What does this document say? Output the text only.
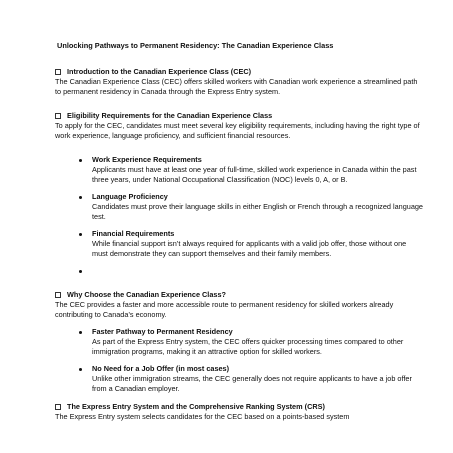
Unlocking Pathways to Permanent Residency: The Canadian Experience Class
Introduction to the Canadian Experience Class (CEC)

The Canadian Experience Class (CEC) offers skilled workers with Canadian work experience a streamlined path to permanent residency in Canada through the Express Entry system.

Eligibility Requirements for the Canadian Experience Class

To apply for the CEC, candidates must meet several key eligibility requirements, including having the right type of work experience, language proficiency, and sufficient financial resources.

Work Experience Requirements
Applicants must have at least one year of full-time, skilled work experience in Canada within the past three years, under National Occupational Classification (NOC) levels 0, A, or B.
Language Proficiency
Candidates must prove their language skills in either English or French through a recognized language test.
Financial Requirements
While financial support isn’t always required for applicants with a valid job offer, those without one must demonstrate they can support themselves and their family members.
Why Choose the Canadian Experience Class?

The CEC provides a faster and more accessible route to permanent residency for skilled workers already contributing to Canada’s economy.

Faster Pathway to Permanent Residency
As part of the Express Entry system, the CEC offers quicker processing times compared to other immigration programs, making it an attractive option for skilled workers.
No Need for a Job Offer (in most cases)
Unlike other immigration streams, the CEC generally does not require applicants to have a job offer from a Canadian employer.
The Express Entry System and the Comprehensive Ranking System (CRS)

The Express Entry system selects candidates for the CEC based on a points-based system
